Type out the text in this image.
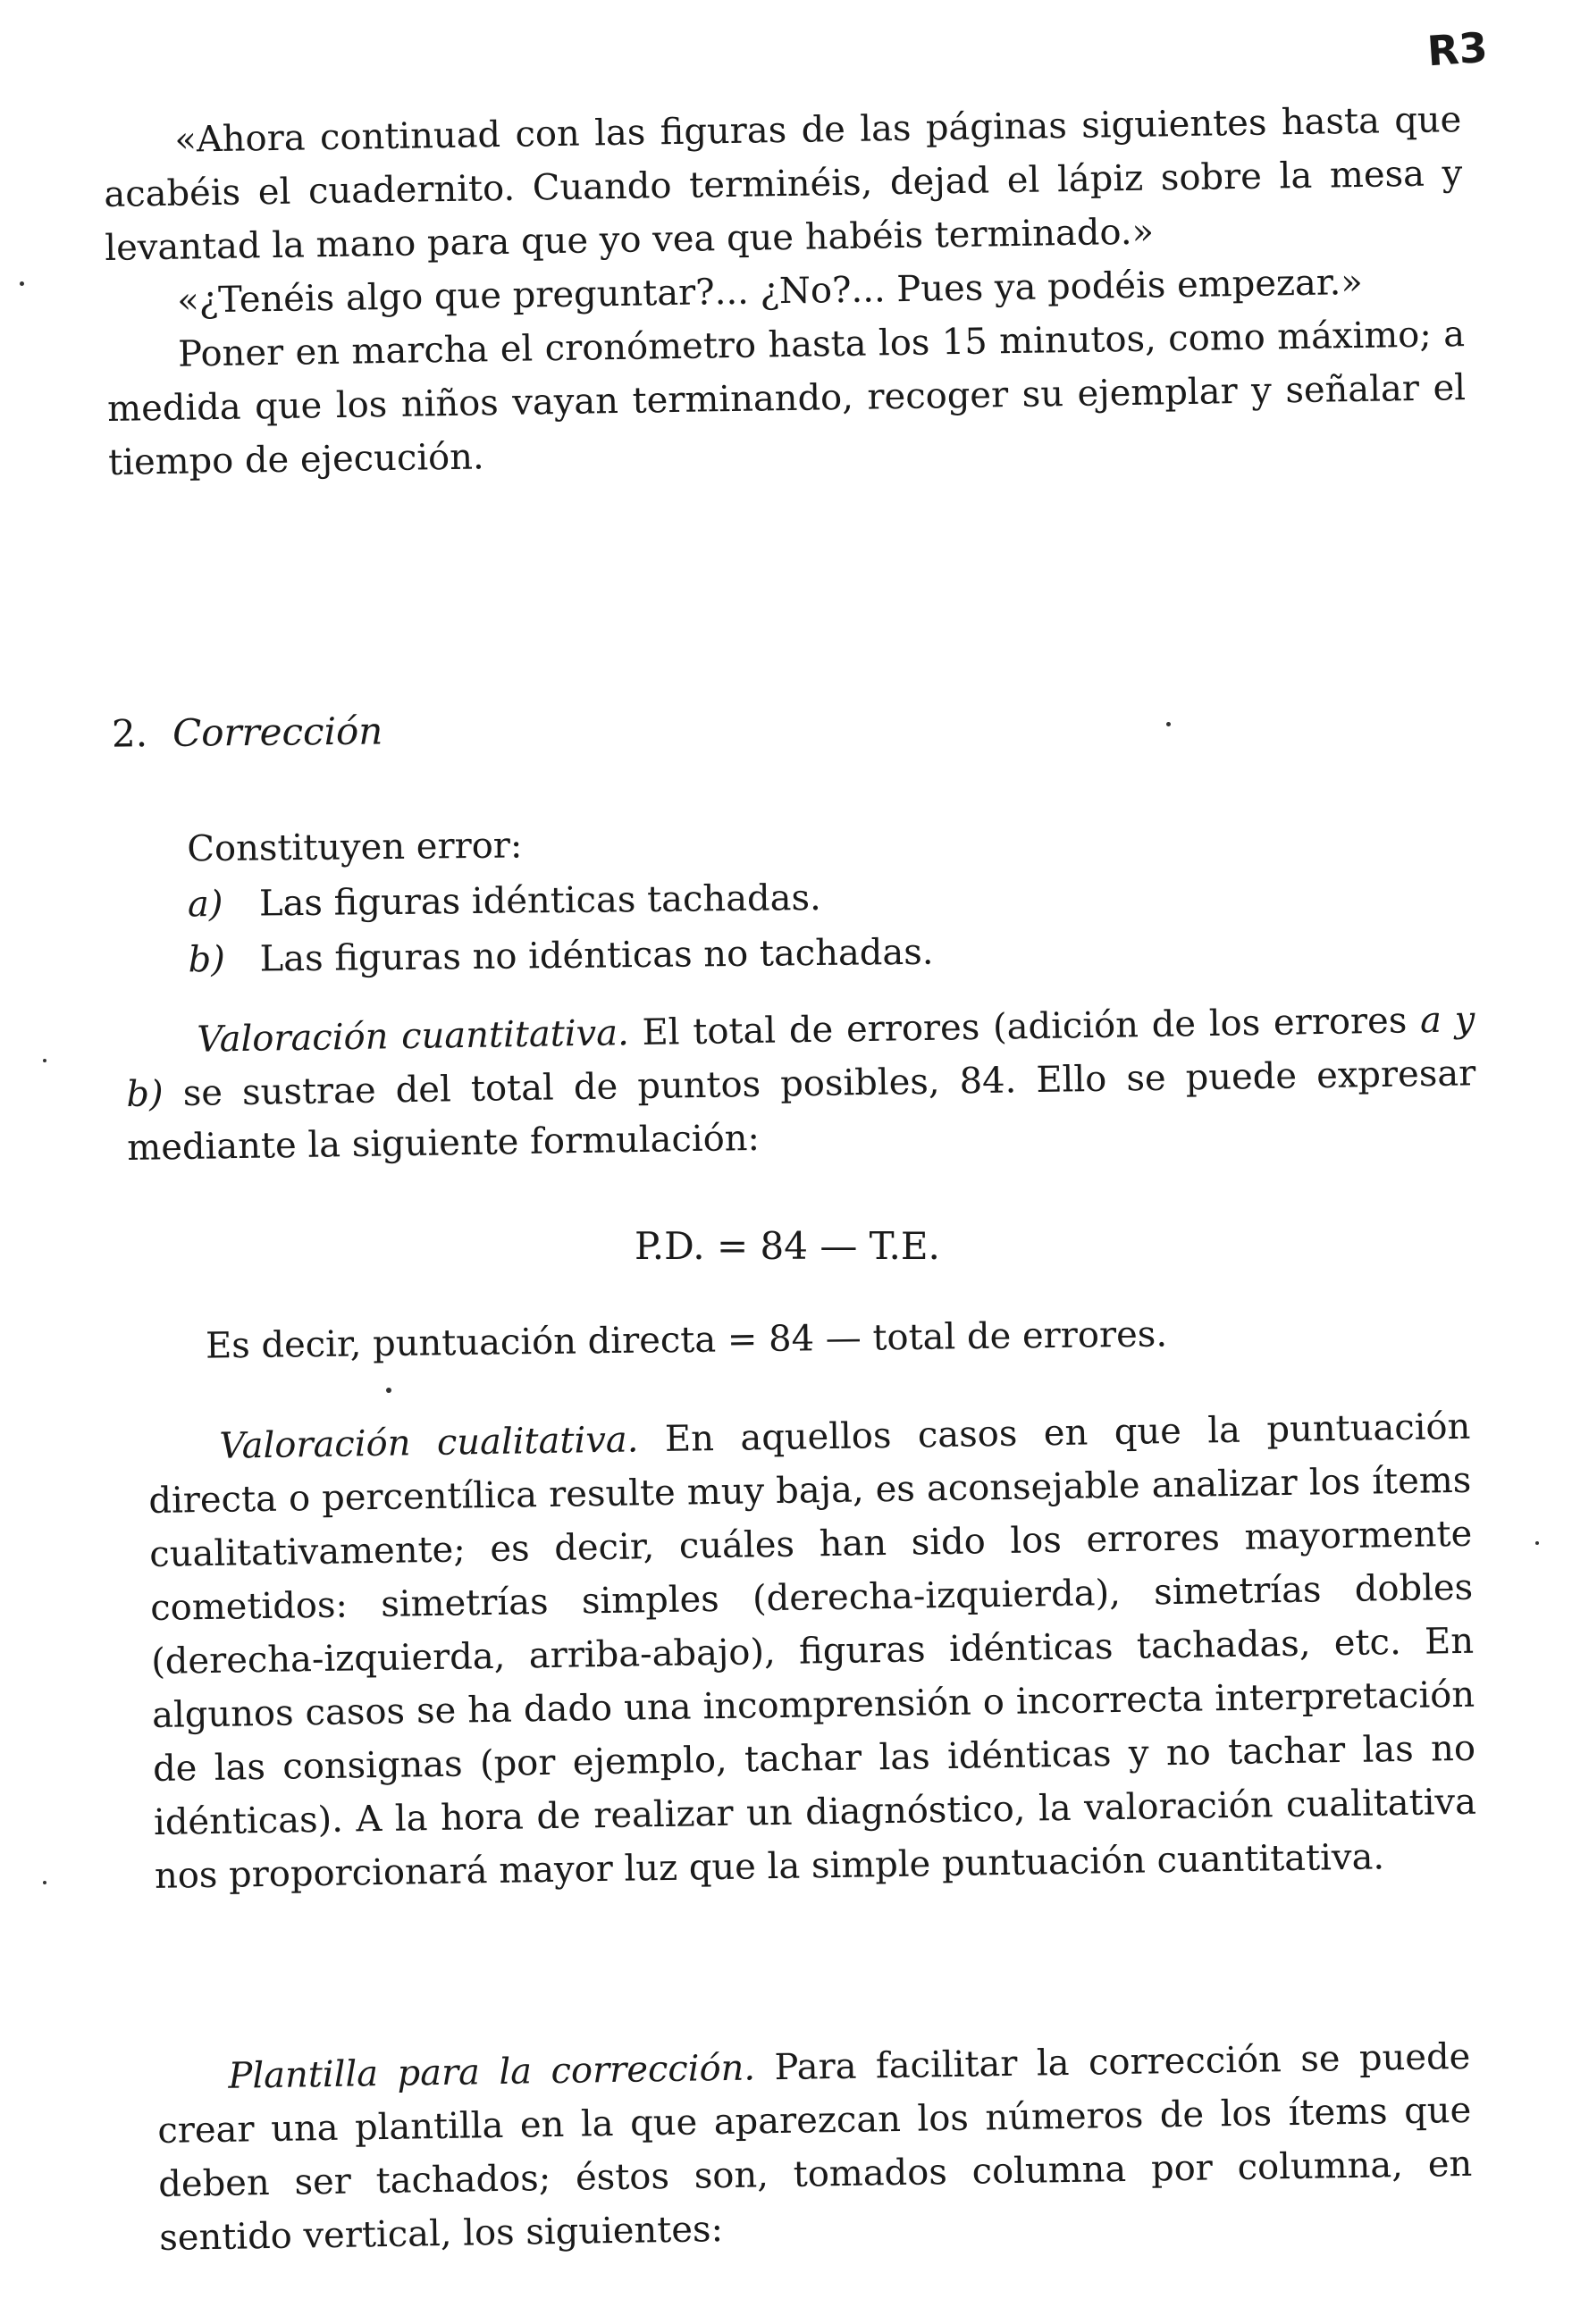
R3

«Ahora continuad con las figuras de las páginas siguientes hasta que acabéis el cuadernito. Cuando terminéis, dejad el lápiz sobre la mesa y levantad la mano para que yo vea que habéis terminado.»

«¿Tenéis algo que preguntar?... ¿No?... Pues ya podéis empezar.»

Poner en marcha el cronómetro hasta los 15 minutos, como máximo; a medida que los niños vayan terminando, recoger su ejemplar y señalar el tiempo de ejecución.

2. Corrección
Constituyen error:
a) Las figuras idénticas tachadas.
b) Las figuras no idénticas no tachadas.

Valoración cuantitativa. El total de errores (adición de los errores a y b) se sustrae del total de puntos posibles, 84. Ello se puede expresar mediante la siguiente formulación:

P.D. = 84 — T.E.
Es decir, puntuación directa = 84 — total de errores.

Valoración cualitativa. En aquellos casos en que la puntuación directa o percentílica resulte muy baja, es aconsejable analizar los ítems cualitativamente; es decir, cuáles han sido los errores mayormente cometidos: simetrías simples (derecha-izquierda), simetrías dobles (derecha-izquierda, arriba-abajo), figuras idénticas tachadas, etc. En algunos casos se ha dado una incomprensión o incorrecta interpretación de las consignas (por ejemplo, tachar las idénticas y no tachar las no idénticas). A la hora de realizar un diagnóstico, la valoración cualitativa nos proporcionará mayor luz que la simple puntuación cuantitativa.

Plantilla para la corrección. Para facilitar la corrección se puede crear una plantilla en la que aparezcan los números de los ítems que deben ser tachados; éstos son, tomados columna por columna, en sentido vertical, los siguientes:
